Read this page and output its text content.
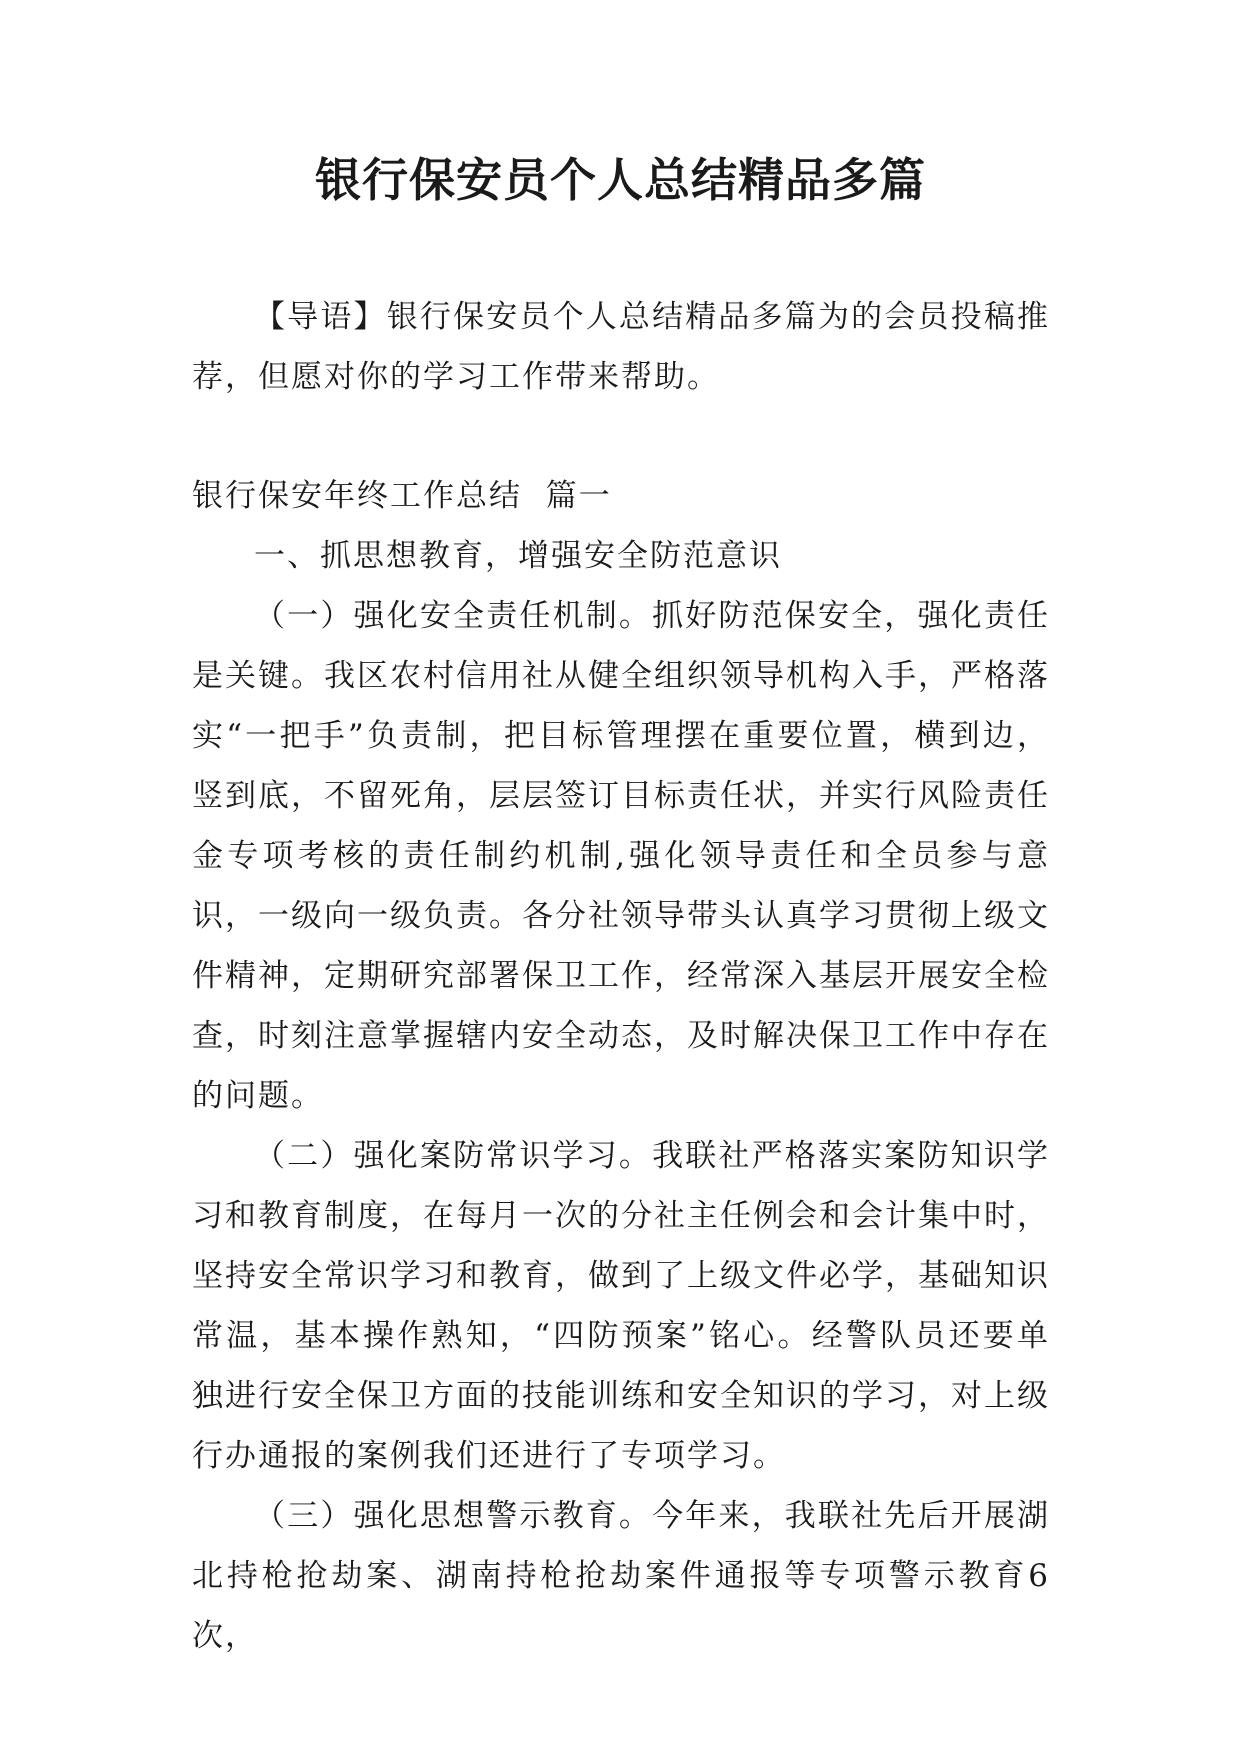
银行保安员个人总结精品多篇

【导语】银行保安员个人总结精品多篇为的会员投稿推荐，但愿对你的学习工作带来帮助。

银行保安年终工作总结  篇一

一、抓思想教育，增强安全防范意识

（一）强化安全责任机制。抓好防范保安全，强化责任是关键。我区农村信用社从健全组织领导机构入手，严格落实“一把手”负责制，把目标管理摆在重要位置，横到边，竖到底，不留死角，层层签订目标责任状，并实行风险责任金专项考核的责任制约机制,强化领导责任和全员参与意识，一级向一级负责。各分社领导带头认真学习贯彻上级文件精神，定期研究部署保卫工作，经常深入基层开展安全检查，时刻注意掌握辖内安全动态，及时解决保卫工作中存在的问题。

（二）强化案防常识学习。我联社严格落实案防知识学习和教育制度，在每月一次的分社主任例会和会计集中时，坚持安全常识学习和教育，做到了上级文件必学，基础知识常温，基本操作熟知，“四防预案”铭心。经警队员还要单独进行安全保卫方面的技能训练和安全知识的学习，对上级行办通报的案例我们还进行了专项学习。

（三）强化思想警示教育。今年来，我联社先后开展湖北持枪抢劫案、湖南持枪抢劫案件通报等专项警示教育6次，
